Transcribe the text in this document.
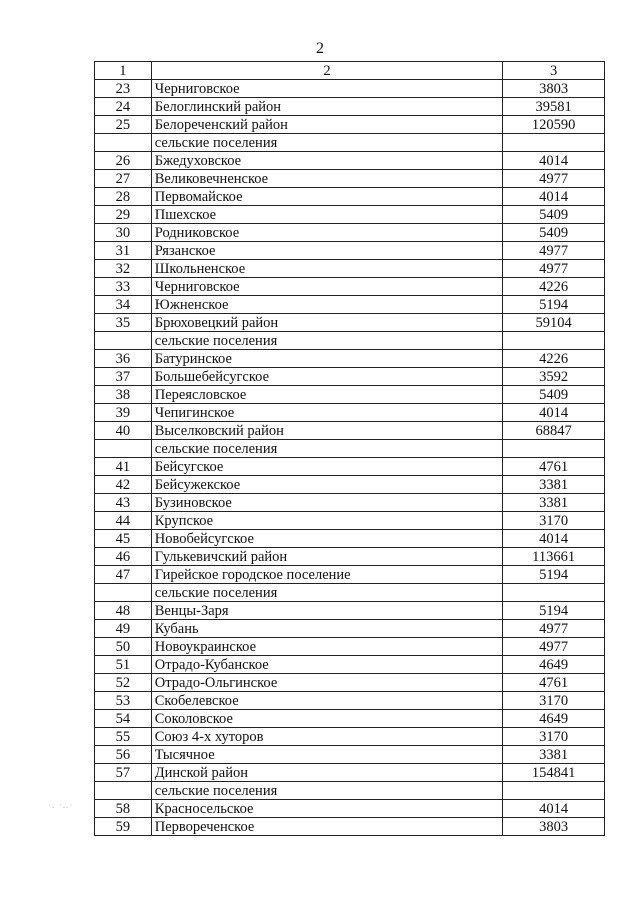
2
1	2	3
23	Черниговское	3803
24	Белоглинский район	39581
25	Белореченский район	120590
	сельские поселения	
26	Бжедуховское	4014
27	Великовечненское	4977
28	Первомайское	4014
29	Пшехское	5409
30	Родниковское	5409
31	Рязанское	4977
32	Школьненское	4977
33	Черниговское	4226
34	Южненское	5194
35	Брюховецкий район	59104
	сельские поселения	
36	Батуринское	4226
37	Большебейсугское	3592
38	Переясловское	5409
39	Чепигинское	4014
40	Выселковский район	68847
	сельские поселения	
41	Бейсугское	4761
42	Бейсужекское	3381
43	Бузиновское	3381
44	Крупское	3170
45	Новобейсугское	4014
46	Гулькевичский район	113661
47	Гирейское городское поселение	5194
	сельские поселения	
48	Венцы-Заря	5194
49	Кубань	4977
50	Новоукраинское	4977
51	Отрадо-Кубанское	4649
52	Отрадо-Ольгинское	4761
53	Скобелевское	3170
54	Соколовское	4649
55	Союз 4-х хуторов	3170
56	Тысячное	3381
57	Динской район	154841
	сельские поселения	
58	Красносельское	4014
59	Первореченское	3803
·. ·‥·
